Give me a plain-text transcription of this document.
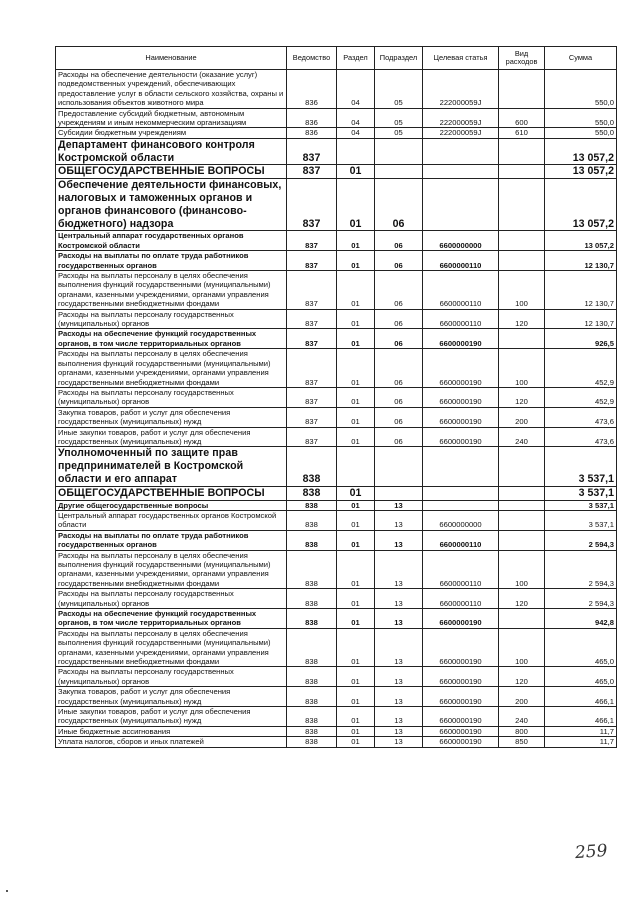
Наименование	Ведомство	Раздел	Подраздел	Целевая статья	Вид расходов	Сумма
Расходы на обеспечение деятельности (оказание услуг) подведомственных учреждений, обеспечивающих предоставление услуг в области сельского хозяйства, охраны и использования объектов животного мира	836	04	05	222000059J		550,0
Предоставление субсидий бюджетным, автономным учреждениям и иным некоммерческим организациям	836	04	05	222000059J	600	550,0
Субсидии бюджетным учреждениям	836	04	05	222000059J	610	550,0
Департамент финансового контроля Костромской области	837					13 057,2
ОБЩЕГОСУДАРСТВЕННЫЕ ВОПРОСЫ	837	01				13 057,2
Обеспечение деятельности финансовых, налоговых и таможенных органов и органов финансового (финансово-бюджетного) надзора	837	01	06			13 057,2
Центральный аппарат государственных органов Костромской области	837	01	06	6600000000		13 057,2
Расходы на выплаты по оплате труда работников государственных органов	837	01	06	6600000110		12 130,7
Расходы на выплаты персоналу в целях обеспечения выполнения функций государственными (муниципальными) органами, казенными учреждениями, органами управления государственными внебюджетными фондами	837	01	06	6600000110	100	12 130,7
Расходы на выплаты персоналу государственных (муниципальных) органов	837	01	06	6600000110	120	12 130,7
Расходы на обеспечение функций государственных органов, в том числе территориальных органов	837	01	06	6600000190		926,5
Расходы на выплаты персоналу в целях обеспечения выполнения функций государственными (муниципальными) органами, казенными учреждениями, органами управления государственными внебюджетными фондами	837	01	06	6600000190	100	452,9
Расходы на выплаты персоналу государственных (муниципальных) органов	837	01	06	6600000190	120	452,9
Закупка товаров, работ и услуг для обеспечения государственных (муниципальных) нужд	837	01	06	6600000190	200	473,6
Иные закупки товаров, работ и услуг для обеспечения государственных (муниципальных) нужд	837	01	06	6600000190	240	473,6
Уполномоченный по защите прав предпринимателей в Костромской области и его аппарат	838					3 537,1
ОБЩЕГОСУДАРСТВЕННЫЕ ВОПРОСЫ	838	01				3 537,1
Другие общегосударственные вопросы	838	01	13			3 537,1
Центральный аппарат государственных органов Костромской области	838	01	13	6600000000		3 537,1
Расходы на выплаты по оплате труда работников государственных органов	838	01	13	6600000110		2 594,3
Расходы на выплаты персоналу в целях обеспечения выполнения функций государственными (муниципальными) органами, казенными учреждениями, органами управления государственными внебюджетными фондами	838	01	13	6600000110	100	2 594,3
Расходы на выплаты персоналу государственных (муниципальных) органов	838	01	13	6600000110	120	2 594,3
Расходы на обеспечение функций государственных органов, в том числе территориальных органов	838	01	13	6600000190		942,8
Расходы на выплаты персоналу в целях обеспечения выполнения функций государственными (муниципальными) органами, казенными учреждениями, органами управления государственными внебюджетными фондами	838	01	13	6600000190	100	465,0
Расходы на выплаты персоналу государственных (муниципальных) органов	838	01	13	6600000190	120	465,0
Закупка товаров, работ и услуг для обеспечения государственных (муниципальных) нужд	838	01	13	6600000190	200	466,1
Иные закупки товаров, работ и услуг для обеспечения государственных (муниципальных) нужд	838	01	13	6600000190	240	466,1
Иные бюджетные ассигнования	838	01	13	6600000190	800	11,7
Уплата налогов, сборов и иных платежей	838	01	13	6600000190	850	11,7
259
